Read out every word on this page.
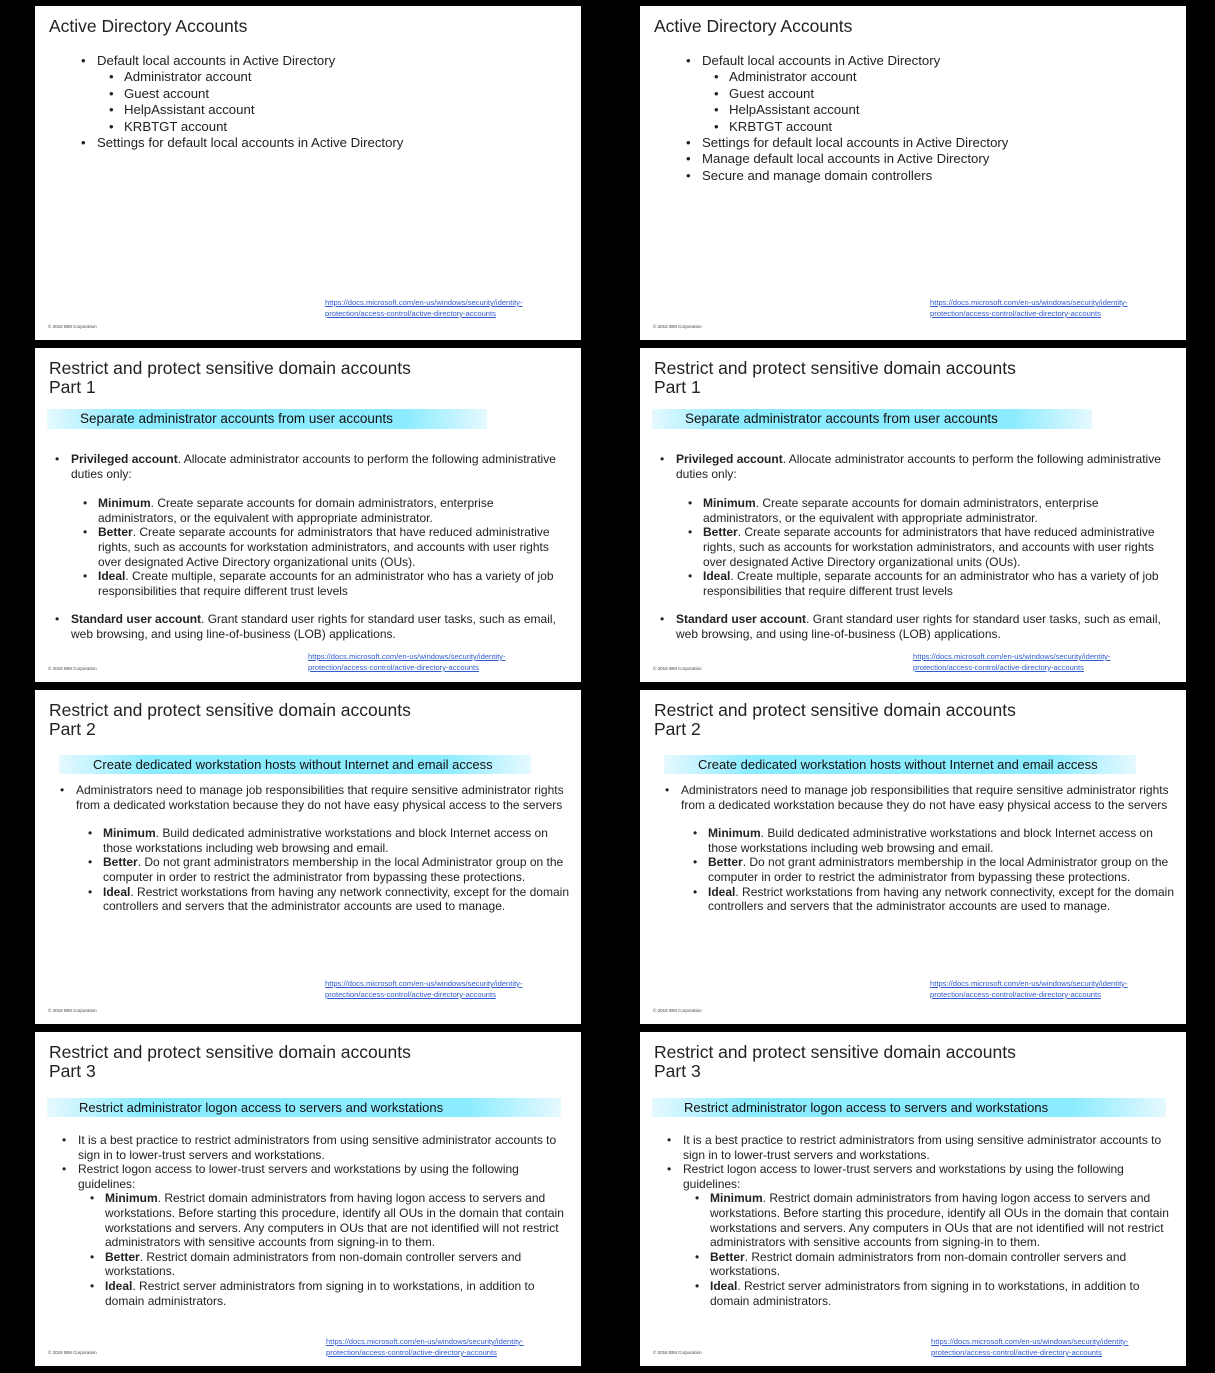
Active Directory Accounts
• Default local accounts in Active Directory
• Administrator account
• Guest account
• HelpAssistant account
• KRBTGT account
• Settings for default local accounts in Active Directory
https://docs.microsoft.com/en-us/windows/security/identity-
protection/access-control/active-directory-accounts
© 2018 IBM Corporation
Active Directory Accounts
• Default local accounts in Active Directory
• Administrator account
• Guest account
• HelpAssistant account
• KRBTGT account
• Settings for default local accounts in Active Directory
• Manage default local accounts in Active Directory
• Secure and manage domain controllers
https://docs.microsoft.com/en-us/windows/security/identity-
protection/access-control/active-directory-accounts
© 2018 IBM Corporation
Restrict and protect sensitive domain accounts
Part 1
Separate administrator accounts from user accounts
• Privileged account. Allocate administrator accounts to perform the following administrative duties only:
• Minimum. Create separate accounts for domain administrators, enterprise administrators, or the equivalent with appropriate administrator.
• Better. Create separate accounts for administrators that have reduced administrative rights, such as accounts for workstation administrators, and accounts with user rights over designated Active Directory organizational units (OUs).
• Ideal. Create multiple, separate accounts for an administrator who has a variety of job responsibilities that require different trust levels
• Standard user account. Grant standard user rights for standard user tasks, such as email, web browsing, and using line-of-business (LOB) applications.
https://docs.microsoft.com/en-us/windows/security/identity-
protection/access-control/active-directory-accounts
© 2018 IBM Corporation
Restrict and protect sensitive domain accounts
Part 1
Separate administrator accounts from user accounts
• Privileged account. Allocate administrator accounts to perform the following administrative duties only:
• Minimum. Create separate accounts for domain administrators, enterprise administrators, or the equivalent with appropriate administrator.
• Better. Create separate accounts for administrators that have reduced administrative rights, such as accounts for workstation administrators, and accounts with user rights over designated Active Directory organizational units (OUs).
• Ideal. Create multiple, separate accounts for an administrator who has a variety of job responsibilities that require different trust levels
• Standard user account. Grant standard user rights for standard user tasks, such as email, web browsing, and using line-of-business (LOB) applications.
https://docs.microsoft.com/en-us/windows/security/identity-
protection/access-control/active-directory-accounts
© 2018 IBM Corporation
Restrict and protect sensitive domain accounts
Part 2
Create dedicated workstation hosts without Internet and email access
• Administrators need to manage job responsibilities that require sensitive administrator rights from a dedicated workstation because they do not have easy physical access to the servers
• Minimum. Build dedicated administrative workstations and block Internet access on those workstations including web browsing and email.
• Better. Do not grant administrators membership in the local Administrator group on the computer in order to restrict the administrator from bypassing these protections.
• Ideal. Restrict workstations from having any network connectivity, except for the domain controllers and servers that the administrator accounts are used to manage.
https://docs.microsoft.com/en-us/windows/security/identity-
protection/access-control/active-directory-accounts
© 2018 IBM Corporation
Restrict and protect sensitive domain accounts
Part 2
Create dedicated workstation hosts without Internet and email access
• Administrators need to manage job responsibilities that require sensitive administrator rights from a dedicated workstation because they do not have easy physical access to the servers
• Minimum. Build dedicated administrative workstations and block Internet access on those workstations including web browsing and email.
• Better. Do not grant administrators membership in the local Administrator group on the computer in order to restrict the administrator from bypassing these protections.
• Ideal. Restrict workstations from having any network connectivity, except for the domain controllers and servers that the administrator accounts are used to manage.
https://docs.microsoft.com/en-us/windows/security/identity-
protection/access-control/active-directory-accounts
© 2018 IBM Corporation
Restrict and protect sensitive domain accounts
Part 3
Restrict administrator logon access to servers and workstations
• It is a best practice to restrict administrators from using sensitive administrator accounts to sign in to lower-trust servers and workstations.
• Restrict logon access to lower-trust servers and workstations by using the following guidelines:
• Minimum. Restrict domain administrators from having logon access to servers and workstations. Before starting this procedure, identify all OUs in the domain that contain workstations and servers. Any computers in OUs that are not identified will not restrict administrators with sensitive accounts from signing-in to them.
• Better. Restrict domain administrators from non-domain controller servers and workstations.
• Ideal. Restrict server administrators from signing in to workstations, in addition to domain administrators.
https://docs.microsoft.com/en-us/windows/security/identity-
protection/access-control/active-directory-accounts
© 2018 IBM Corporation
Restrict and protect sensitive domain accounts
Part 3
Restrict administrator logon access to servers and workstations
• It is a best practice to restrict administrators from using sensitive administrator accounts to sign in to lower-trust servers and workstations.
• Restrict logon access to lower-trust servers and workstations by using the following guidelines:
• Minimum. Restrict domain administrators from having logon access to servers and workstations. Before starting this procedure, identify all OUs in the domain that contain workstations and servers. Any computers in OUs that are not identified will not restrict administrators with sensitive accounts from signing-in to them.
• Better. Restrict domain administrators from non-domain controller servers and workstations.
• Ideal. Restrict server administrators from signing in to workstations, in addition to domain administrators.
https://docs.microsoft.com/en-us/windows/security/identity-
protection/access-control/active-directory-accounts
© 2018 IBM Corporation
